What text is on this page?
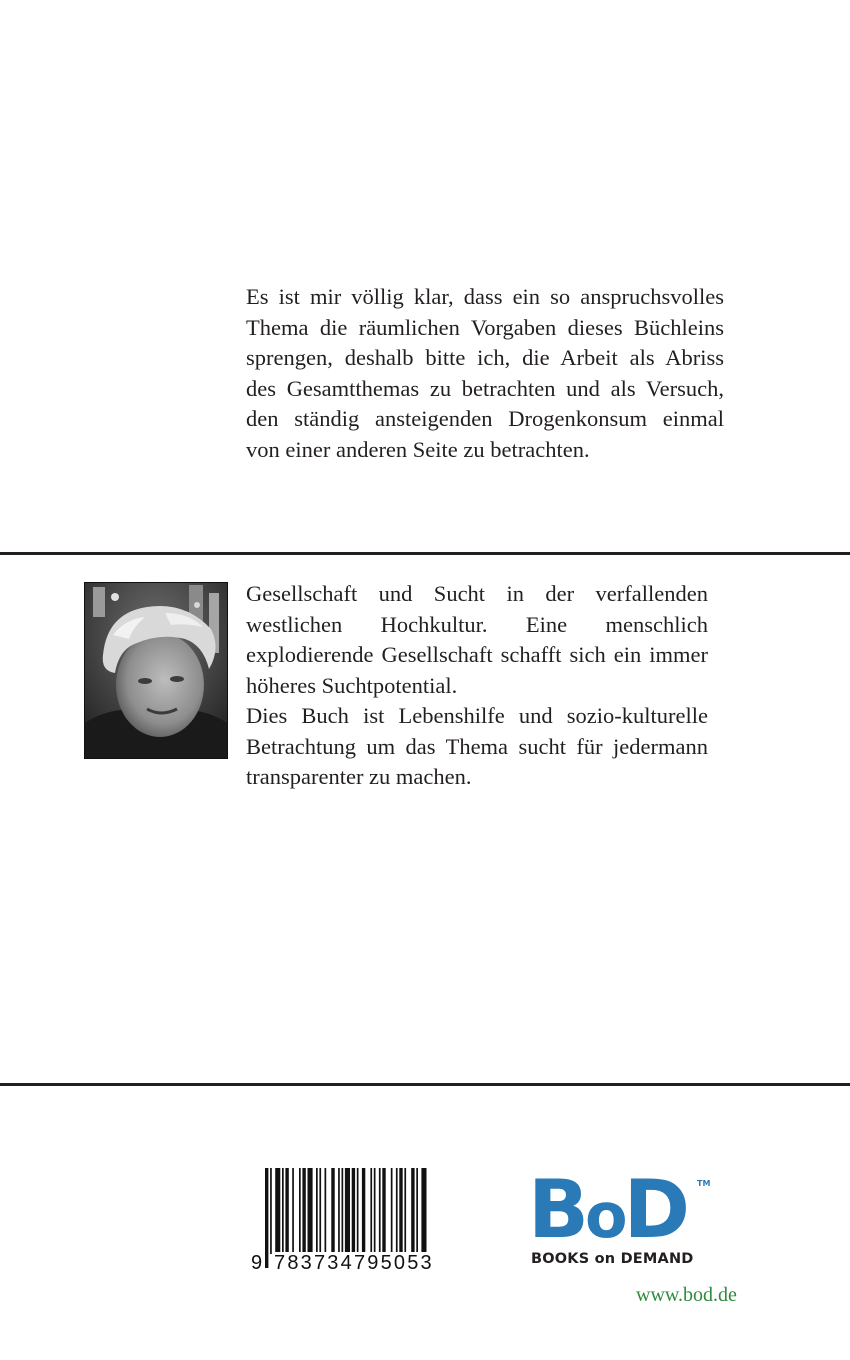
Es ist mir völlig klar, dass ein so anspruchsvolles
Thema die räumlichen Vorgaben dieses Büchleins
sprengen, deshalb bitte ich, die Arbeit als Abriss
des Gesamtthemas zu betrachten und als Versuch,
den ständig ansteigenden Drogenkonsum einmal
von einer anderen Seite zu betrachten.
Gesellschaft und Sucht in der verfallenden
westlichen Hochkultur. Eine menschlich
explodierende Gesellschaft schafft sich ein immer
höheres Suchtpotential.
Dies Buch ist Lebenshilfe und sozio-kulturelle
Betrachtung um das Thema sucht für jedermann
transparenter zu machen.
9 783734795053
BoD TM
BOOKS on DEMAND
www.bod.de
